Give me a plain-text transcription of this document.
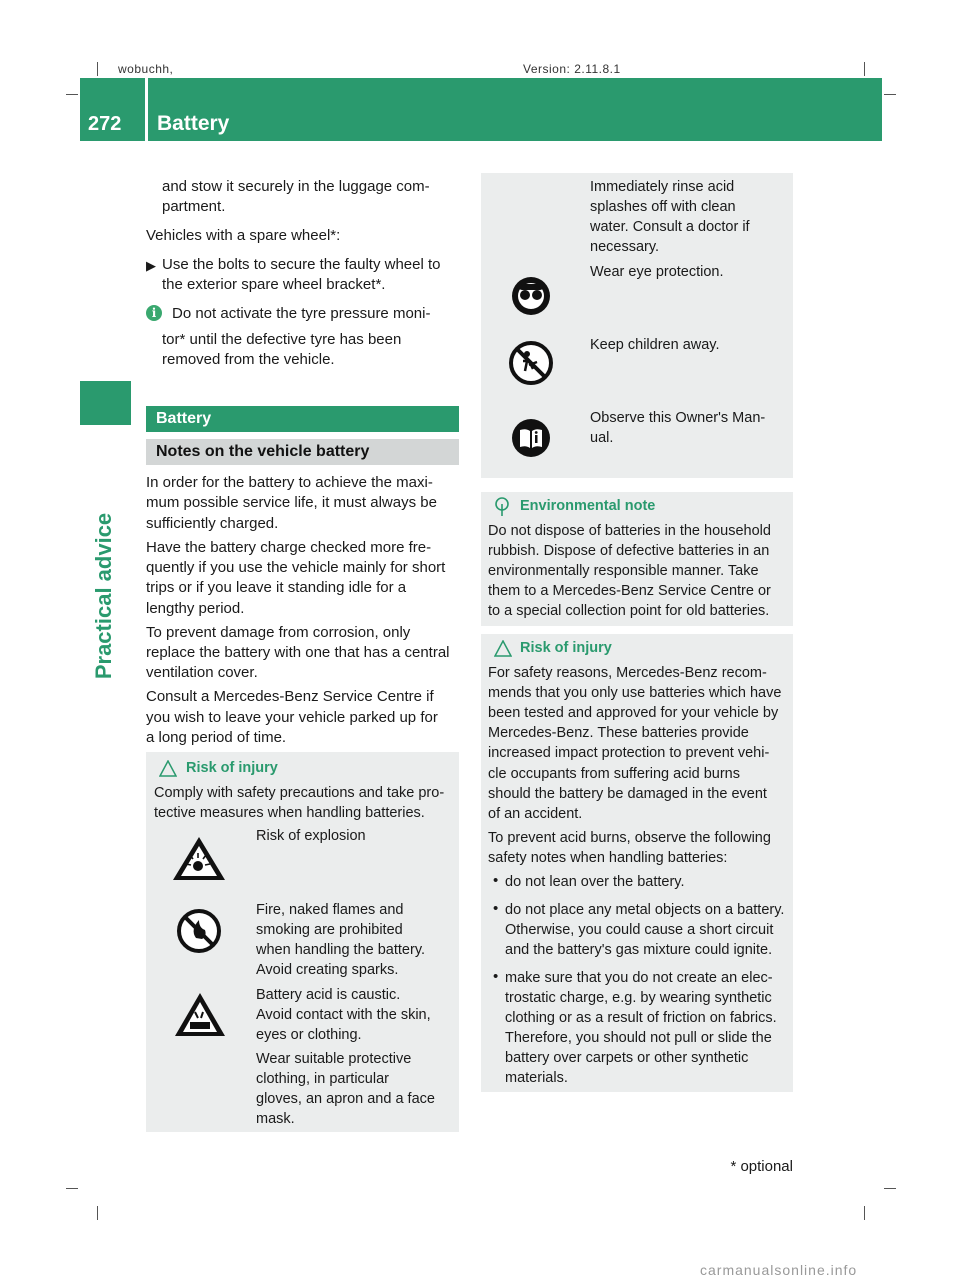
wobuchh,	Version: 2.11.8.1
272 Battery
Practical advice
and stow it securely in the luggage com-
partment.
Vehicles with a spare wheel*:
▶ Use the bolts to secure the faulty wheel to
the exterior spare wheel bracket*.
i	Do not activate the tyre pressure moni-
tor* until the defective tyre has been
removed from the vehicle.
Battery
Notes on the vehicle battery
In order for the battery to achieve the maxi-
mum possible service life, it must always be
sufficiently charged.
Have the battery charge checked more fre-
quently if you use the vehicle mainly for short
trips or if you leave it standing idle for a
lengthy period.
To prevent damage from corrosion, only
replace the battery with one that has a central
ventilation cover.
Consult a Mercedes-Benz Service Centre if
you wish to leave your vehicle parked up for
a long period of time.
Risk of injury
Comply with safety precautions and take pro-
tective measures when handling batteries.
Risk of explosion
Fire, naked flames and
smoking are prohibited
when handling the battery.
Avoid creating sparks.
Battery acid is caustic.
Avoid contact with the skin,
eyes or clothing.
Wear suitable protective
clothing, in particular
gloves, an apron and a face
mask.
Immediately rinse acid
splashes off with clean
water. Consult a doctor if
necessary.
Wear eye protection.
Keep children away.
Observe this Owner's Man-
ual.
Environmental note
Do not dispose of batteries in the household
rubbish. Dispose of defective batteries in an
environmentally responsible manner. Take
them to a Mercedes-Benz Service Centre or
to a special collection point for old batteries.
Risk of injury
For safety reasons, Mercedes-Benz recom-
mends that you only use batteries which have
been tested and approved for your vehicle by
Mercedes-Benz. These batteries provide
increased impact protection to prevent vehi-
cle occupants from suffering acid burns
should the battery be damaged in the event
of an accident.
To prevent acid burns, observe the following
safety notes when handling batteries:
• do not lean over the battery.
• do not place any metal objects on a battery.
Otherwise, you could cause a short circuit
and the battery's gas mixture could ignite.
• make sure that you do not create an elec-
trostatic charge, e.g. by wearing synthetic
clothing or as a result of friction on fabrics.
Therefore, you should not pull or slide the
battery over carpets or other synthetic
materials.
* optional
carmanualsonline.info
